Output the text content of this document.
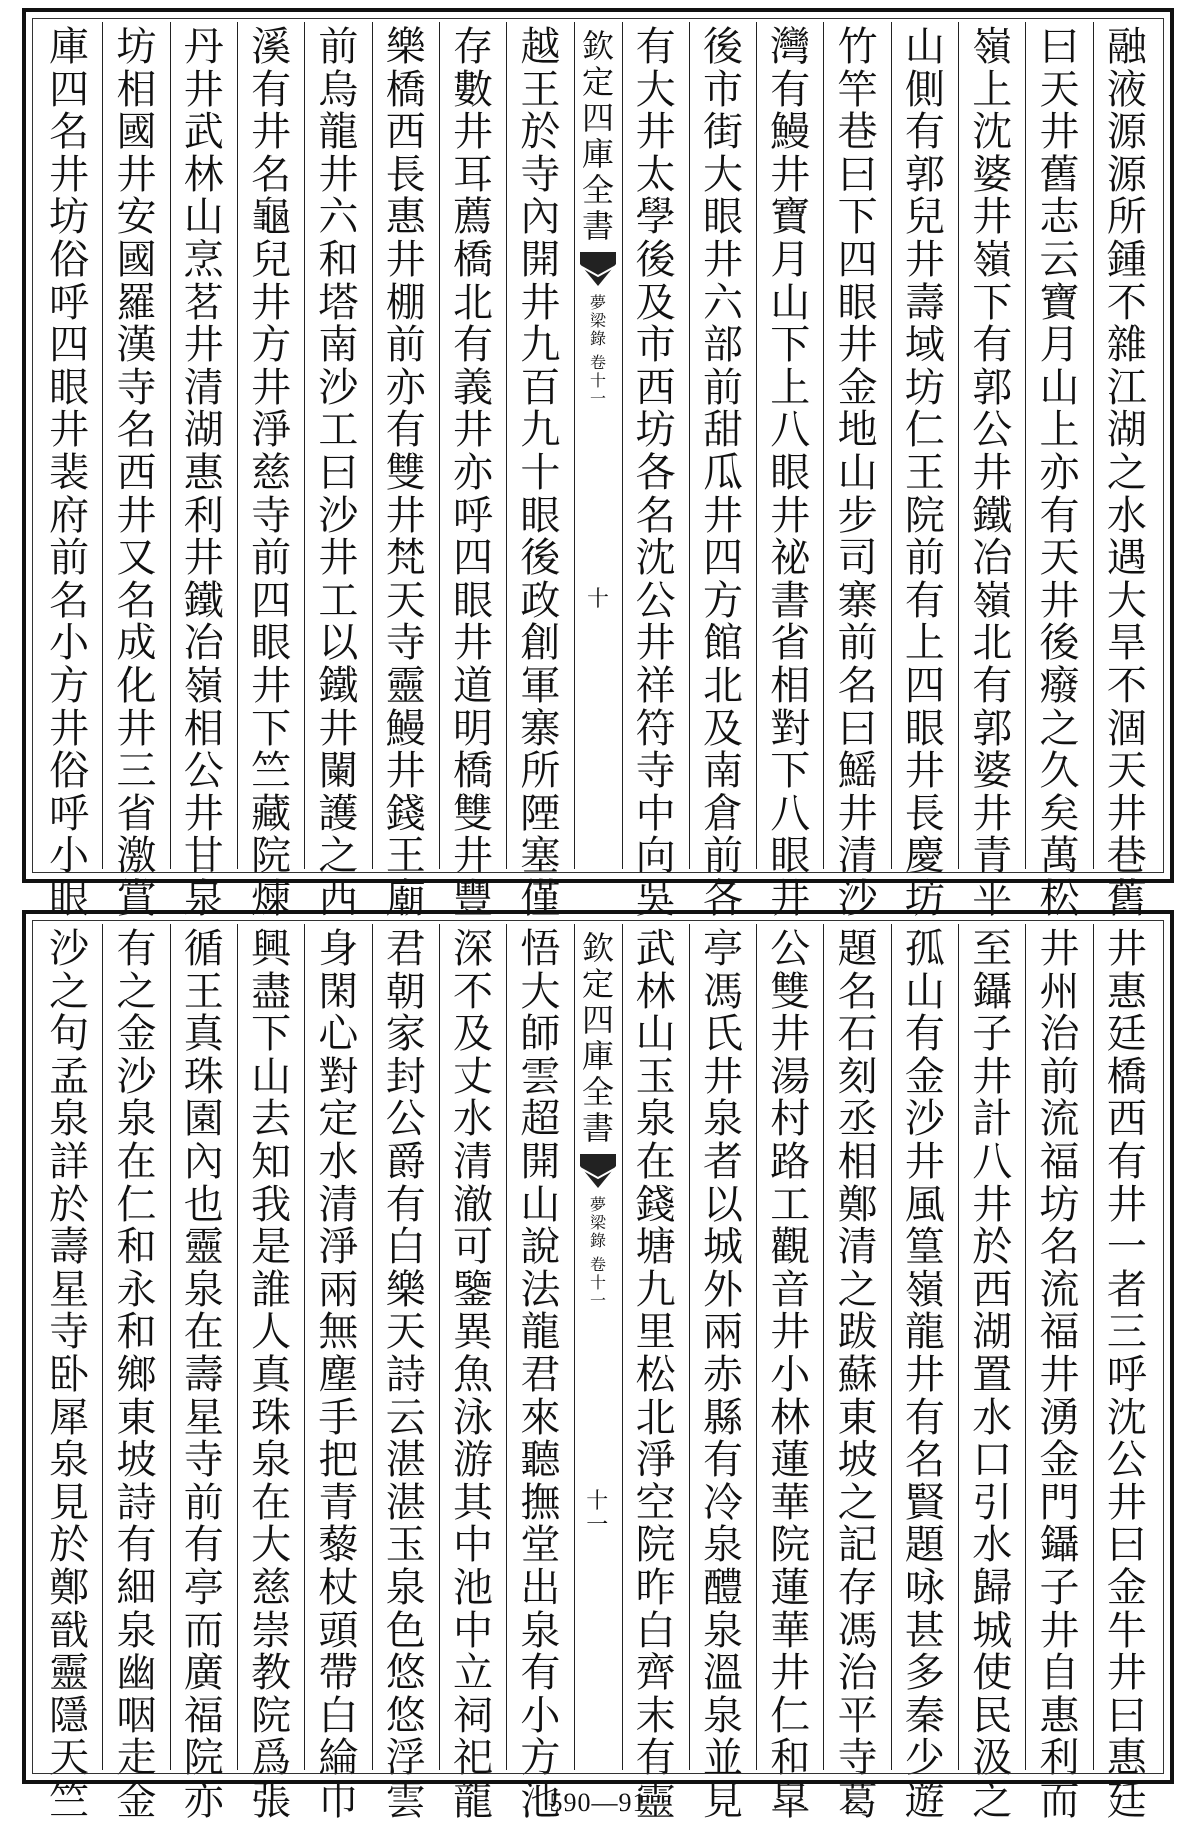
融
液
源
源
所
鍾
不
雜
江
湖
之
水
遇
大
旱
不
涸
天
井
巷
舊
曰
天
井
舊
志
云
寶
月
山
上
亦
有
天
井
後
癈
之
久
矣
萬
松
嶺
上
沈
婆
井
嶺
下
有
郭
公
井
鐵
冶
嶺
北
有
郭
婆
井
青
平
山
側
有
郭
兒
井
壽
域
坊
仁
王
院
前
有
上
四
眼
井
長
慶
坊
竹
竿
巷
曰
下
四
眼
井
金
地
山
步
司
寨
前
名
曰
鰩
井
清
沙
灣
有
鰻
井
寶
月
山
下
上
八
眼
井
祕
書
省
相
對
下
八
眼
井
後
市
街
大
眼
井
六
部
前
甜
瓜
井
四
方
館
北
及
南
倉
前
各
有
大
井
太
學
後
及
市
西
坊
各
名
沈
公
井
祥
符
寺
中
向
吳
欽
定
四
庫
全
書
夢
梁
錄
卷
十
一
十
越
王
於
寺
內
開
井
九
百
九
十
眼
後
政
創
軍
寨
所
陻
塞
僅
存
數
井
耳
薦
橋
北
有
義
井
亦
呼
四
眼
井
道
明
橋
雙
井
豐
樂
橋
西
長
惠
井
棚
前
亦
有
雙
井
梵
天
寺
靈
鰻
井
錢
王
廟
前
烏
龍
井
六
和
塔
南
沙
工
曰
沙
井
工
以
鐵
井
闌
護
之
西
溪
有
井
名
龜
兒
井
方
井
淨
慈
寺
前
四
眼
井
下
竺
藏
院
煉
丹
井
武
林
山
烹
茗
井
清
湖
惠
利
井
鐵
冶
嶺
相
公
井
甘
泉
坊
相
國
井
安
國
羅
漢
寺
名
西
井
又
名
成
化
井
三
省
激
賞
庫
四
名
井
坊
俗
呼
四
眼
井
裴
府
前
名
小
方
井
俗
呼
小
眼
井
惠
廷
橋
西
有
井
一
者
三
呼
沈
公
井
曰
金
牛
井
曰
惠
廷
井
州
治
前
流
福
坊
名
流
福
井
湧
金
門
鑷
子
井
自
惠
利
而
至
鑷
子
井
計
八
井
於
西
湖
置
水
口
引
水
歸
城
使
民
汲
之
孤
山
有
金
沙
井
風
篁
嶺
龍
井
有
名
賢
題
咏
甚
多
秦
少
遊
題
名
石
刻
丞
相
鄭
清
之
跋
蘇
東
坡
之
記
存
馮
治
平
寺
葛
公
雙
井
湯
村
路
工
觀
音
井
小
林
蓮
華
院
蓮
華
井
仁
和
皐
亭
馮
氏
井
泉
者
以
城
外
兩
赤
縣
有
冷
泉
醴
泉
溫
泉
並
見
武
林
山
玉
泉
在
錢
塘
九
里
松
北
淨
空
院
昨
白
齊
末
有
靈
欽
定
四
庫
全
書
夢
梁
錄
卷
十
一
十一
悟
大
師
雲
超
開
山
說
法
龍
君
來
聽
撫
堂
出
泉
有
小
方
池
深
不
及
丈
水
清
澈
可
鑒
異
魚
泳
游
其
中
池
中
立
祠
祀
龍
君
朝
家
封
公
爵
有
白
樂
天
詩
云
湛
湛
玉
泉
色
悠
悠
浮
雲
身
閑
心
對
定
水
清
淨
兩
無
塵
手
把
青
藜
杖
頭
帶
白
綸
巾
興
盡
下
山
去
知
我
是
誰
人
真
珠
泉
在
大
慈
崇
教
院
爲
張
循
王
真
珠
園
內
也
靈
泉
在
壽
星
寺
前
有
亭
而
廣
福
院
亦
有
之
金
沙
泉
在
仁
和
永
和
鄉
東
坡
詩
有
細
泉
幽
咽
走
金
沙
之
句
孟
泉
詳
於
壽
星
寺
卧
犀
泉
見
於
鄭
戩
靈
隱
天
竺	590—91
